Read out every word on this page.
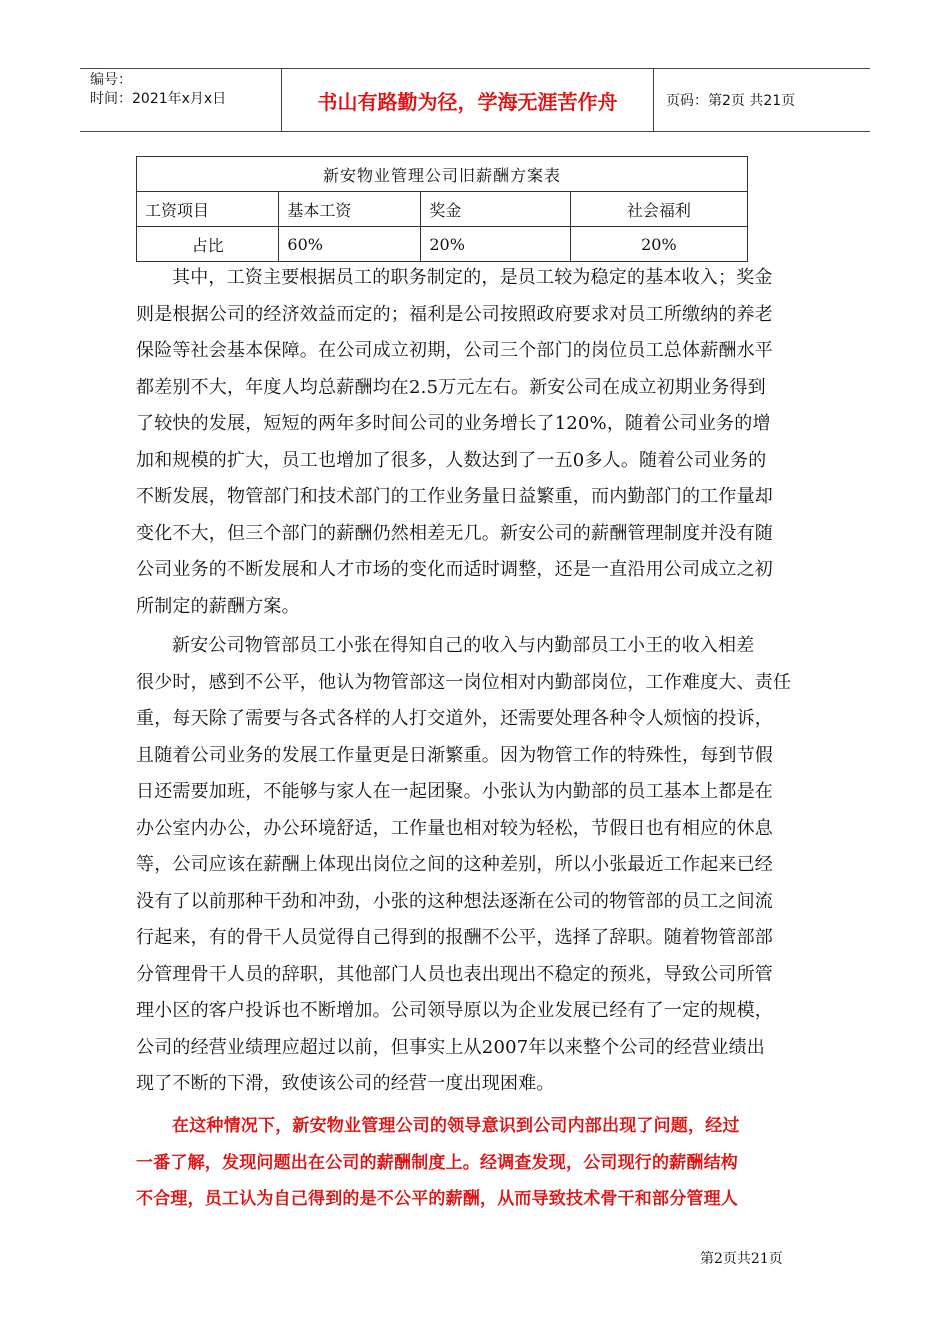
编号：
时间：2021年x月x日	书山有路勤为径，学海无涯苦作舟	页码：第2页 共21页
新安物业管理公司旧薪酬方案表			
工资项目	基本工资	奖金	社会福利
占比	60%	20%	20%
其中，工资主要根据员工的职务制定的，是员工较为稳定的基本收入；奖金
则是根据公司的经济效益而定的；福利是公司按照政府要求对员工所缴纳的养老
保险等社会基本保障。在公司成立初期，公司三个部门的岗位员工总体薪酬水平
都差别不大，年度人均总薪酬均在2.5万元左右。新安公司在成立初期业务得到
了较快的发展，短短的两年多时间公司的业务增长了120%，随着公司业务的增
加和规模的扩大，员工也增加了很多，人数达到了一五0多人。随着公司业务的
不断发展，物管部门和技术部门的工作业务量日益繁重，而内勤部门的工作量却
变化不大，但三个部门的薪酬仍然相差无几。新安公司的薪酬管理制度并没有随
公司业务的不断发展和人才市场的变化而适时调整，还是一直沿用公司成立之初
所制定的薪酬方案。
新安公司物管部员工小张在得知自己的收入与内勤部员工小王的收入相差
很少时，感到不公平，他认为物管部这一岗位相对内勤部岗位，工作难度大、责任
重，每天除了需要与各式各样的人打交道外，还需要处理各种令人烦恼的投诉，
且随着公司业务的发展工作量更是日渐繁重。因为物管工作的特殊性，每到节假
日还需要加班，不能够与家人在一起团聚。小张认为内勤部的员工基本上都是在
办公室内办公，办公环境舒适，工作量也相对较为轻松，节假日也有相应的休息
等，公司应该在薪酬上体现出岗位之间的这种差别，所以小张最近工作起来已经
没有了以前那种干劲和冲劲，小张的这种想法逐渐在公司的物管部的员工之间流
行起来，有的骨干人员觉得自己得到的报酬不公平，选择了辞职。随着物管部部
分管理骨干人员的辞职，其他部门人员也表出现出不稳定的预兆，导致公司所管
理小区的客户投诉也不断增加。公司领导原以为企业发展已经有了一定的规模，
公司的经营业绩理应超过以前，但事实上从2007年以来整个公司的经营业绩出
现了不断的下滑，致使该公司的经营一度出现困难。
在这种情况下，新安物业管理公司的领导意识到公司内部出现了问题，经过
一番了解，发现问题出在公司的薪酬制度上。经调查发现，公司现行的薪酬结构
不合理，员工认为自己得到的是不公平的薪酬，从而导致技术骨干和部分管理人
第2页共21页
